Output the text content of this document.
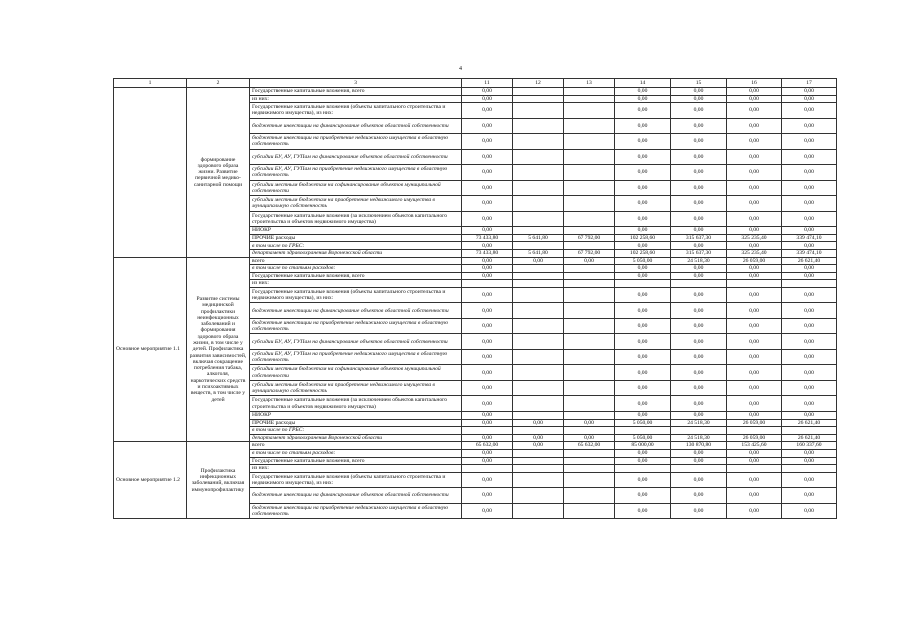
4
1	2	3	11	12	13	14	15	16	17
	формирование здорового образа жизни. Развитие первичной медико-санитарной помощи	Государственные капитальные вложения, всего	0,00			0,00	0,00	0,00	0,00
		из них:	0,00			0,00	0,00	0,00	0,00
		Государственные капитальные вложения (объекты капитального строительства и недвижимого имущества), из них:	0,00			0,00	0,00	0,00	0,00
		бюджетные инвестиции на финансирование объектов областной собственности	0,00			0,00	0,00	0,00	0,00
		бюджетные инвестиции на приобретение недвижимого имущества в областную собственность	0,00			0,00	0,00	0,00	0,00
		субсидии БУ, АУ, ГУПам на финансирование объектов областной собственности	0,00			0,00	0,00	0,00	0,00
		субсидии БУ, АУ, ГУПам на приобретение недвижимого имущества в областную собственность	0,00			0,00	0,00	0,00	0,00
		субсидии местным бюджетам на софинансирование объектов муниципальной собственности	0,00			0,00	0,00	0,00	0,00
		субсидии местным бюджетам на приобретение недвижимого имущества в муниципальную собственность	0,00			0,00	0,00	0,00	0,00
		Государственные капитальные вложения (за исключением объектов капитального строительства и объектов недвижимого имущества)	0,00			0,00	0,00	0,00	0,00
		НИОКР	0,00			0,00	0,00	0,00	0,00
		ПРОЧИЕ расходы	73 433,80	5 641,80	67 792,00	102 258,60	315 637,30	325 235,40	339 474,10
		в том числе по ГРБС:	0,00			0,00	0,00	0,00	0,00
		департамент здравоохранения Воронежской области	73 433,80	5 641,80	67 792,00	102 258,60	315 637,30	325 235,40	339 474,10
Основное мероприятие 1.1	Развитие системы медицинской профилактики неинфекционных заболеваний и формирования здорового образа жизни, в том числе у детей. Профилактика развития зависимостей, включая сокращение потребления табака, алкоголя, наркотических средств и психоактивных веществ, в том числе у детей	всего	0,00	0,00	0,00	5 050,00	24 518,30	26 059,00	26 621,40
		в том числе по статьям расходов:	0,00			0,00	0,00	0,00	0,00
		Государственные капитальные вложения, всего	0,00			0,00	0,00	0,00	0,00
		из них:							
		Государственные капитальные вложения (объекты капитального строительства и недвижимого имущества), из них:	0,00			0,00	0,00	0,00	0,00
		бюджетные инвестиции на финансирование объектов областной собственности	0,00			0,00	0,00	0,00	0,00
		бюджетные инвестиции на приобретение недвижимого имущества в областную собственность	0,00			0,00	0,00	0,00	0,00
		субсидии БУ, АУ, ГУПам на финансирование объектов областной собственности	0,00			0,00	0,00	0,00	0,00
		субсидии БУ, АУ, ГУПам на приобретение недвижимого имущества в областную собственность	0,00			0,00	0,00	0,00	0,00
		субсидии местным бюджетам на софинансирование объектов муниципальной собственности	0,00			0,00	0,00	0,00	0,00
		субсидии местным бюджетам на приобретение недвижимого имущества в муниципальную собственность	0,00			0,00	0,00	0,00	0,00
		Государственные капитальные вложения (за исключением объектов капитального строительства и объектов недвижимого имущества)	0,00			0,00	0,00	0,00	0,00
		НИОКР	0,00			0,00	0,00	0,00	0,00
		ПРОЧИЕ расходы	0,00	0,00	0,00	5 050,00	24 518,30	26 059,00	26 621,40
		в том числе по ГРБС:							
		департамент здравоохранения Воронежской области	0,00	0,00	0,00	5 050,00	24 518,30	26 059,00	26 621,40
Основное мероприятие 1.2	Профилактика инфекционных заболеваний, включая иммунопрофилактику	всего	65 632,00	0,00	65 632,00	85 000,00	130 870,80	153 425,60	160 337,60
		в том числе по статьям расходов:	0,00			0,00	0,00	0,00	0,00
		Государственные капитальные вложения, всего	0,00			0,00	0,00	0,00	0,00
		из них:							
		Государственные капитальные вложения (объекты капитального строительства и недвижимого имущества), из них:	0,00			0,00	0,00	0,00	0,00
		бюджетные инвестиции на финансирование объектов областной собственности	0,00			0,00	0,00	0,00	0,00
		бюджетные инвестиции на приобретение недвижимого имущества в областную собственность	0,00			0,00	0,00	0,00	0,00
